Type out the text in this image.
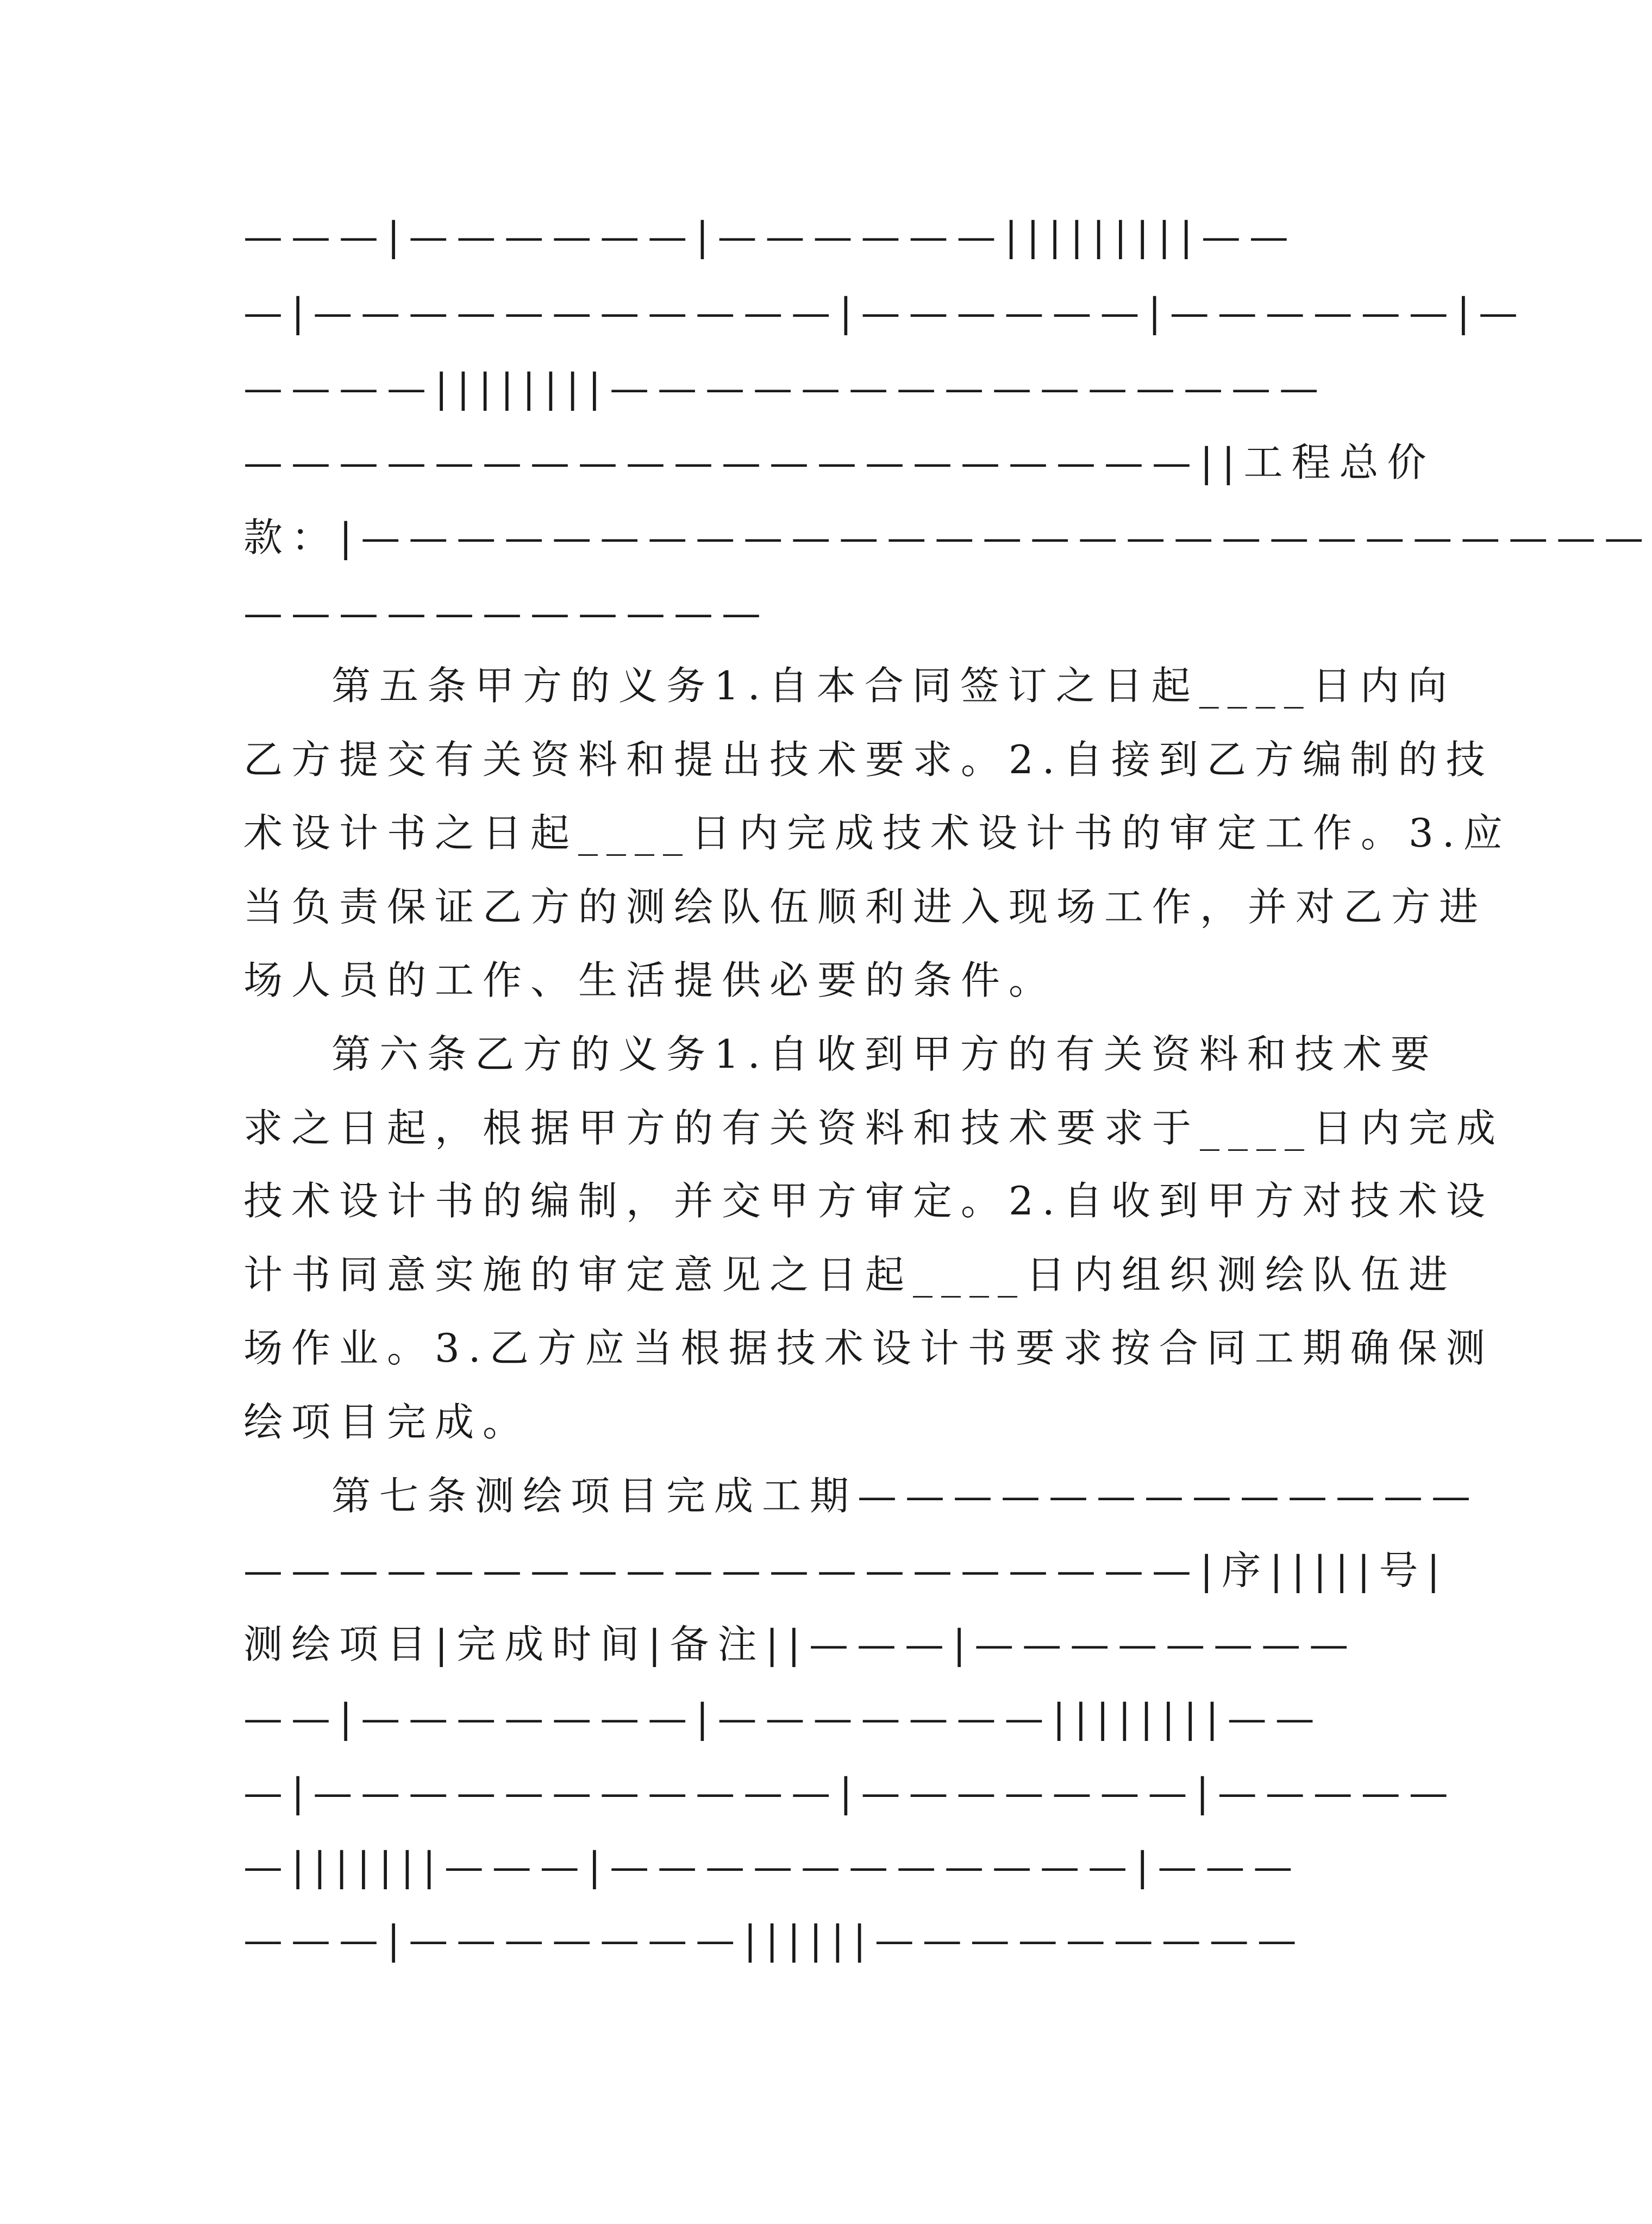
———|——————|——————|||||||||——
—|———————————|——————|——————|—
————||||||||———————————————
————————————————————||工程总价
款：|———————————————————————————
———————————
第五条甲方的义务1.自本合同签订之日起____日内向
乙方提交有关资料和提出技术要求。2.自接到乙方编制的技
术设计书之日起____日内完成技术设计书的审定工作。3.应
当负责保证乙方的测绘队伍顺利进入现场工作，并对乙方进
场人员的工作、生活提供必要的条件。
第六条乙方的义务1.自收到甲方的有关资料和技术要
求之日起，根据甲方的有关资料和技术要求于____日内完成
技术设计书的编制，并交甲方审定。2.自收到甲方对技术设
计书同意实施的审定意见之日起____日内组织测绘队伍进
场作业。3.乙方应当根据技术设计书要求按合同工期确保测
绘项目完成。
第七条测绘项目完成工期—————————————
————————————————————|序|||||号|
测绘项目|完成时间|备注||———|————————
——|———————|———————||||||||——
—|———————————|———————|—————
—|||||||———|———————————|———
———|———————||||||—————————
